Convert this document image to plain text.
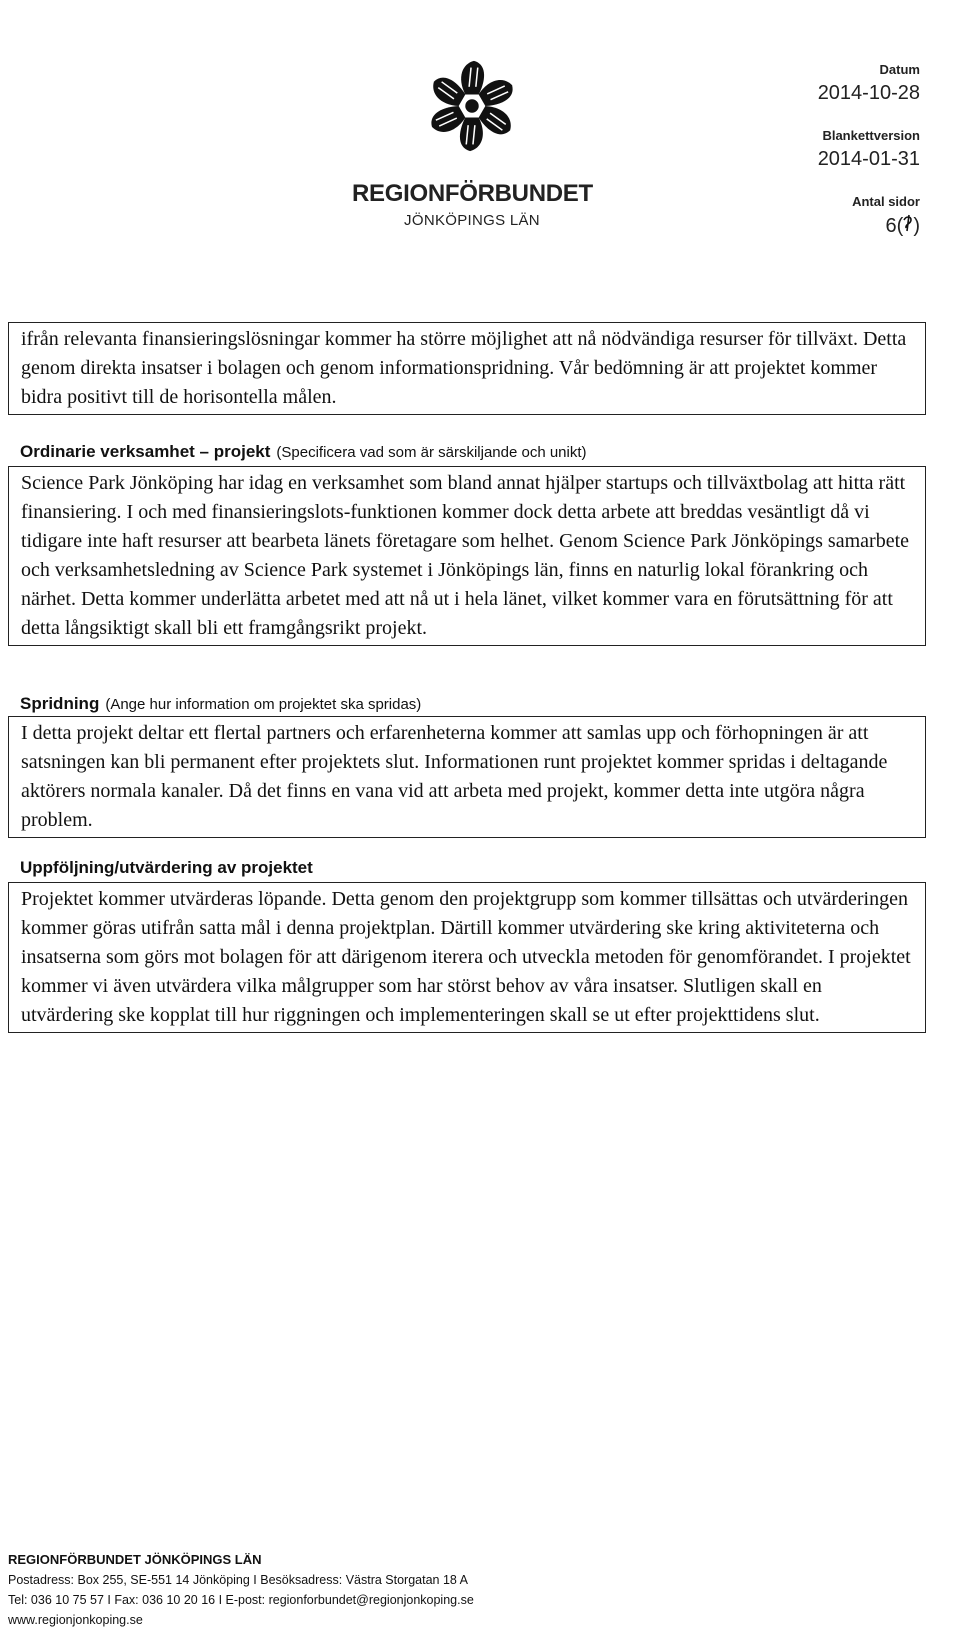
REGIONFÖRBUNDET
JÖNKÖPINGS LÄN
Datum
2014-10-28
Blankettversion
2014-01-31
Antal sidor
6( )
ifrån relevanta finansieringslösningar kommer ha större möjlighet att nå nödvändiga resurser för tillväxt. Detta genom direkta insatser i bolagen och genom informationspridning. Vår bedömning är att projektet kommer bidra positivt till de horisontella målen.
Ordinarie verksamhet – projekt (Specificera vad som är särskiljande och unikt)
Science Park Jönköping har idag en verksamhet som bland annat hjälper startups och tillväxtbolag att hitta rätt finansiering. I och med finansieringslots-funktionen kommer dock detta arbete att breddas vesäntligt då vi tidigare inte haft resurser att bearbeta länets företagare som helhet. Genom Science Park Jönköpings samarbete och verksamhetsledning av Science Park systemet i Jönköpings län, finns en naturlig lokal förankring och närhet. Detta kommer underlätta arbetet med att nå ut i hela länet, vilket kommer vara en förutsättning för att detta långsiktigt skall bli ett framgångsrikt projekt.
Spridning (Ange hur information om projektet ska spridas)
I detta projekt deltar ett flertal partners och erfarenheterna kommer att samlas upp och förhopningen är att satsningen kan bli permanent efter projektets slut. Informationen runt projektet kommer spridas i deltagande aktörers normala kanaler. Då det finns en vana vid att arbeta med projekt, kommer detta inte utgöra några problem.
Uppföljning/utvärdering av projektet
Projektet kommer utvärderas löpande. Detta genom den projektgrupp som kommer tillsättas och utvärderingen kommer göras utifrån satta mål i denna projektplan. Därtill kommer utvärdering ske kring aktiviteterna och insatserna som görs mot bolagen för att därigenom iterera och utveckla metoden för genomförandet. I projektet kommer vi även utvärdera vilka målgrupper som har störst behov av våra insatser. Slutligen skall en utvärdering ske kopplat till hur riggningen och implementeringen skall se ut efter projekttidens slut.
REGIONFÖRBUNDET JÖNKÖPINGS LÄN
Postadress: Box 255, SE-551 14 Jönköping I Besöksadress: Västra Storgatan 18 A
Tel: 036 10 75 57 I Fax: 036 10 20 16 I E-post: regionforbundet@regionjonkoping.se
www.regionjonkoping.se
